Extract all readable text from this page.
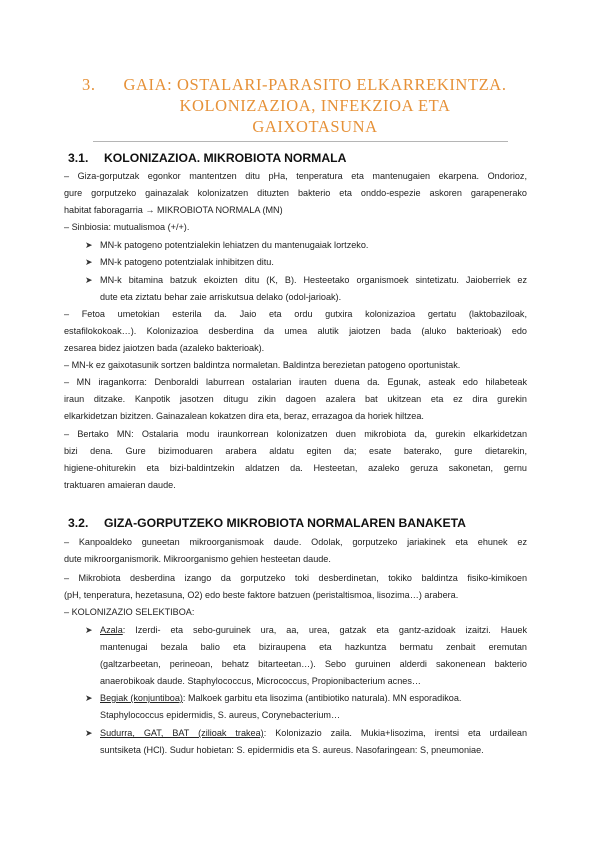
3.	GAIA: OSTALARI-PARASITO ELKARREKINTZA.
KOLONIZAZIOA, INFEKZIOA ETA
GAIXOTASUNA
3.1. KOLONIZAZIOA. MIKROBIOTA NORMALA
– Giza-gorputzak egonkor mantentzen ditu pHa, tenperatura eta mantenugaien ekarpena. Ondorioz,
gure gorputzeko gainazalak kolonizatzen dituzten bakterio eta onddo-espezie askoren garapenerako
habitat faboragarria → MIKROBIOTA NORMALA (MN)
– Sinbiosia: mutualismoa (+/+).
➤ MN-k patogeno potentzialekin lehiatzen du mantenugaiak lortzeko.
➤ MN-k patogeno potentzialak inhibitzen ditu.
➤ MN-k bitamina batzuk ekoizten ditu (K, B). Hesteetako organismoek sintetizatu. Jaioberriek ez
dute eta ziztatu behar zaie arriskutsua delako (odol-jarioak).
– Fetoa umetokian esterila da. Jaio eta ordu gutxira kolonizazioa gertatu (laktobaziloak,
estafilokokoak…). Kolonizazioa desberdina da umea alutik jaiotzen bada (aluko bakterioak) edo
zesarea bidez jaiotzen bada (azaleko bakterioak).
– MN-k ez gaixotasunik sortzen baldintza normaletan. Baldintza berezietan patogeno oportunistak.
– MN iragankorra: Denboraldi laburrean ostalarian irauten duena da. Egunak, asteak edo hilabeteak
iraun ditzake. Kanpotik jasotzen ditugu zikin dagoen azalera bat ukitzean eta ez dira gurekin
elkarkidetzan bizitzen. Gainazalean kokatzen dira eta, beraz, errazagoa da horiek hiltzea.
– Bertako MN: Ostalaria modu iraunkorrean kolonizatzen duen mikrobiota da, gurekin elkarkidetzan
bizi dena. Gure bizimoduaren arabera aldatu egiten da; esate baterako, gure dietarekin,
higiene-ohiturekin eta bizi-baldintzekin aldatzen da. Hesteetan, azaleko geruza sakonetan, gernu
traktuaren amaieran daude.
3.2. GIZA-GORPUTZEKO MIKROBIOTA NORMALAREN BANAKETA
– Kanpoaldeko guneetan mikroorganismoak daude. Odolak, gorputzeko jariakinek eta ehunek ez
dute mikroorganismorik. Mikroorganismo gehien hesteetan daude.
– Mikrobiota desberdina izango da gorputzeko toki desberdinetan, tokiko baldintza fisiko-kimikoen
(pH, tenperatura, hezetasuna, O2) edo beste faktore batzuen (peristaltismoa, lisozima…) arabera.
– KOLONIZAZIO SELEKTIBOA:
➤ Azala: Izerdi- eta sebo-guruinek ura, aa, urea, gatzak eta gantz-azidoak izaitzi. Hauek
mantenugai bezala balio eta biziraupena eta hazkuntza bermatu zenbait eremutan
(galtzarbeetan, perineoan, behatz bitarteetan…). Sebo guruinen alderdi sakonenean bakterio
anaerobikoak daude. Staphylococcus, Micrococcus, Propionibacterium acnes…
➤ Begiak (konjuntiboa): Malkoek garbitu eta lisozima (antibiotiko naturala). MN esporadikoa.
Staphylococcus epidermidis, S. aureus, Corynebacterium…
➤ Sudurra, GAT, BAT (zilioak trakea): Kolonizazio zaila. Mukia+lisozima, irentsi eta urdailean
suntsiketa (HCl). Sudur hobietan: S. epidermidis eta S. aureus. Nasofaringean: S, pneumoniae.
